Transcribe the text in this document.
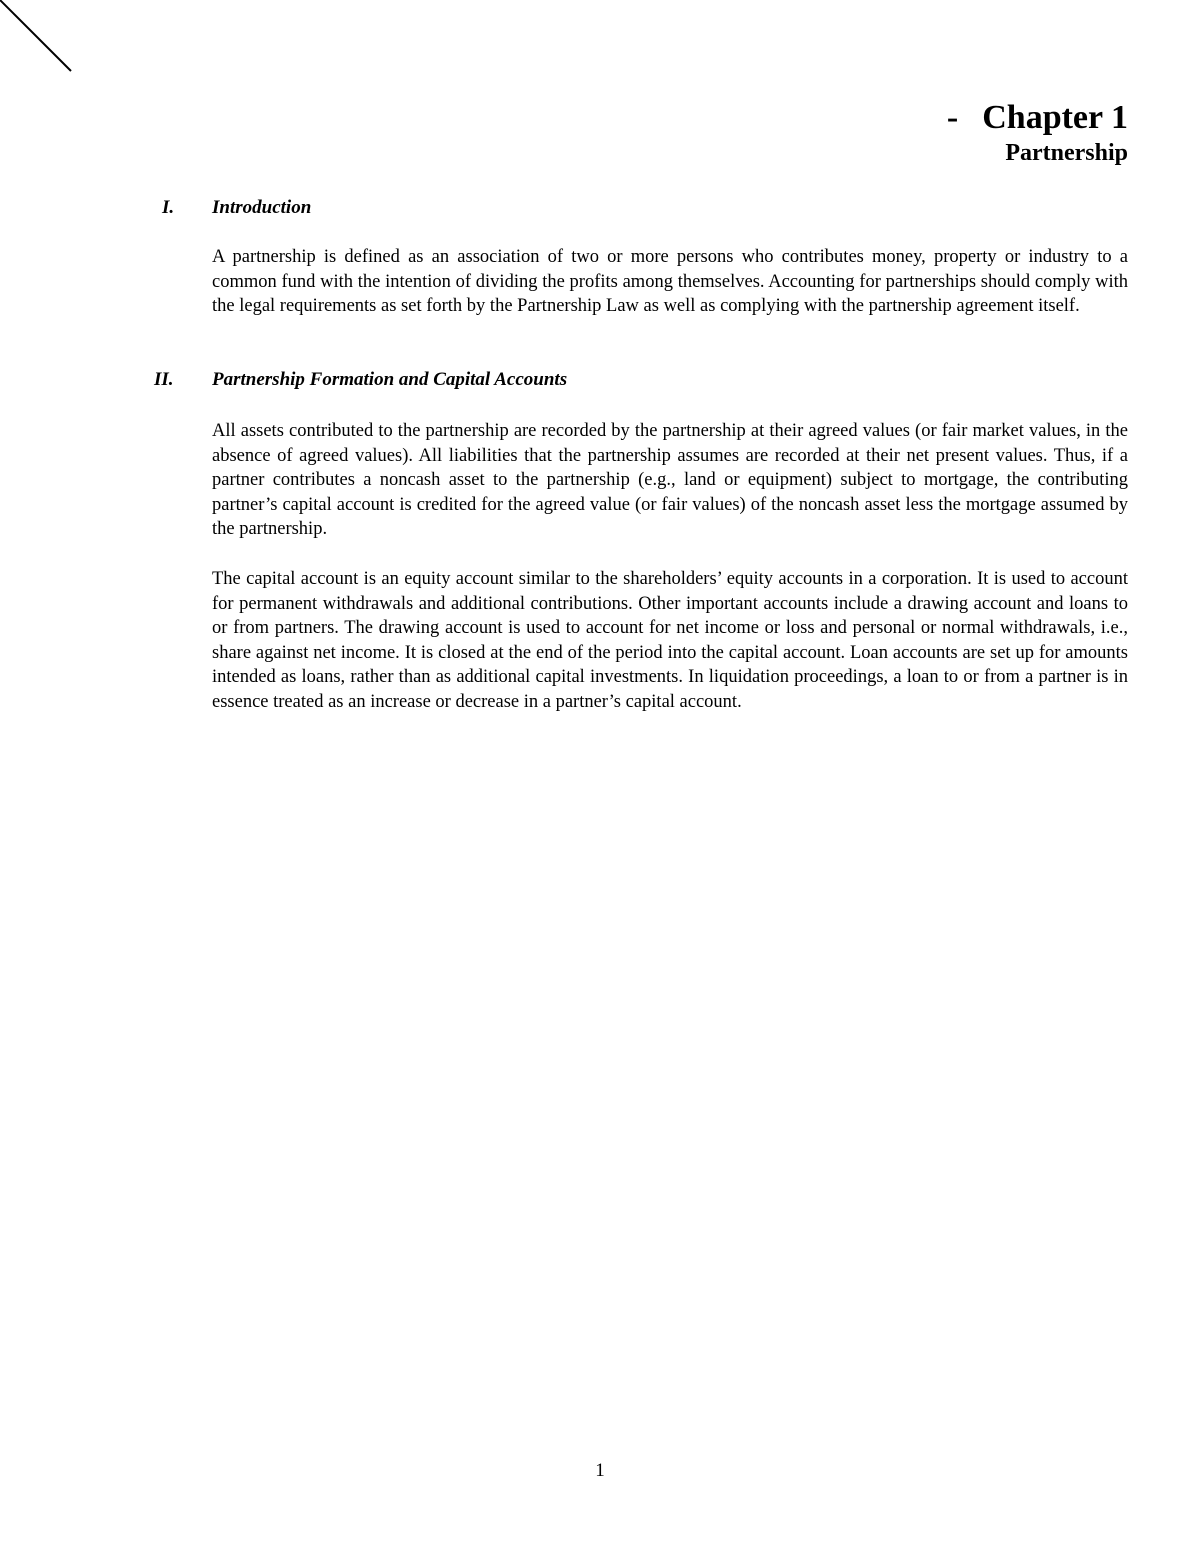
- Chapter 1
Partnership
I.	Introduction

A partnership is defined as an association of two or more persons who contributes money, property or industry to a common fund with the intention of dividing the profits among themselves. Accounting for partnerships should comply with the legal requirements as set forth by the Partnership Law as well as complying with the partnership agreement itself.

II.	Partnership Formation and Capital Accounts

All assets contributed to the partnership are recorded by the partnership at their agreed values (or fair market values, in the absence of agreed values). All liabilities that the partnership assumes are recorded at their net present values. Thus, if a partner contributes a noncash asset to the partnership (e.g., land or equipment) subject to mortgage, the contributing partner’s capital account is credited for the agreed value (or fair values) of the noncash asset less the mortgage assumed by the partnership.

The capital account is an equity account similar to the shareholders’ equity accounts in a corporation. It is used to account for permanent withdrawals and additional contributions. Other important accounts include a drawing account and loans to or from partners. The drawing account is used to account for net income or loss and personal or normal withdrawals, i.e., share against net income. It is closed at the end of the period into the capital account. Loan accounts are set up for amounts intended as loans, rather than as additional capital investments. In liquidation proceedings, a loan to or from a partner is in essence treated as an increase or decrease in a partner’s capital account.

1
